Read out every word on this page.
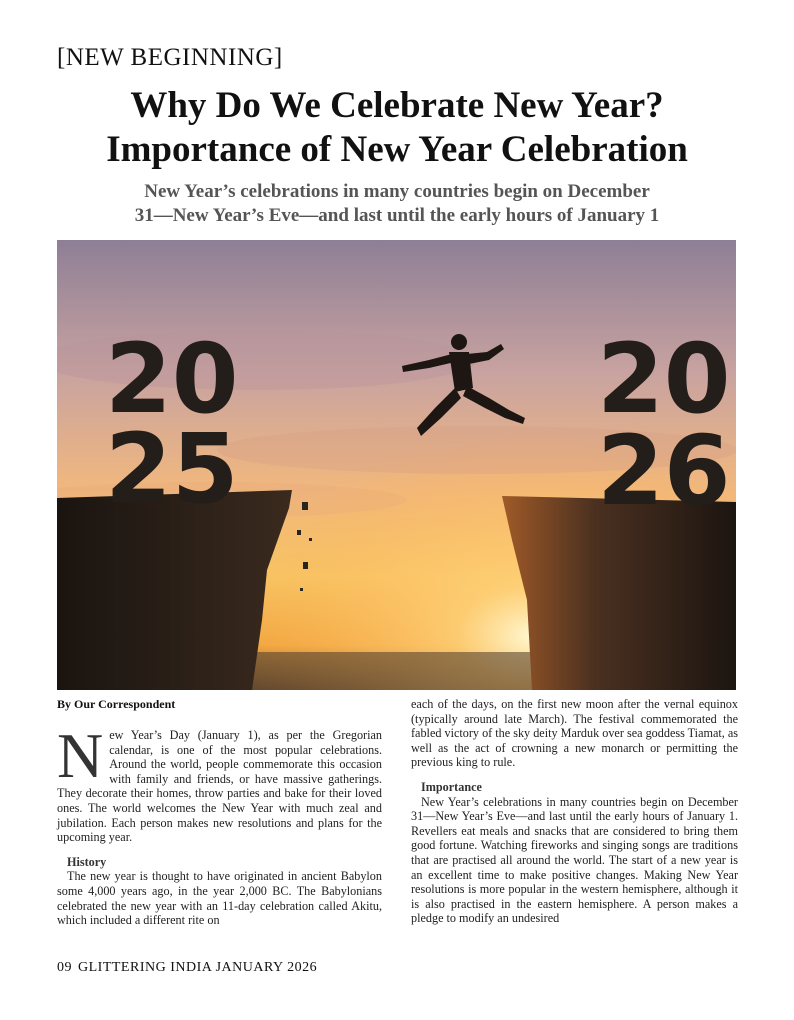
[NEW BEGINNING]
Why Do We Celebrate New Year?
Importance of New Year Celebration
New Year’s celebrations in many countries begin on December
31—New Year’s Eve—and last until the early hours of January 1
20
25
20
26
By Our Correspondent

New Year’s Day (January 1), as per the Gregorian calendar, is one of the most popular celebrations. Around the world, people commemorate this occasion with family and friends, or have massive gatherings. They decorate their homes, throw parties and bake for their loved ones. The world welcomes the New Year with much zeal and jubilation. Each person makes new resolutions and plans for the upcoming year.

History

The new year is thought to have originated in ancient Babylon some 4,000 years ago, in the year 2,000 BC. The Babylonians celebrated the new year with an 11-day celebration called Akitu, which included a different rite on

each of the days, on the first new moon after the vernal equinox (typically around late March). The festival commemorated the fabled victory of the sky deity Marduk over sea goddess Tiamat, as well as the act of crowning a new monarch or permitting the previous king to rule.

Importance

New Year’s celebrations in many countries begin on December 31—New Year’s Eve—and last until the early hours of January 1. Revellers eat meals and snacks that are considered to bring them good fortune. Watching fireworks and singing songs are traditions that are practised all around the world. The start of a new year is an excellent time to make positive changes. Making New Year resolutions is more popular in the western hemisphere, although it is also practised in the eastern hemisphere. A person makes a pledge to modify an undesired

09 GLITTERING INDIA JANUARY 2026
